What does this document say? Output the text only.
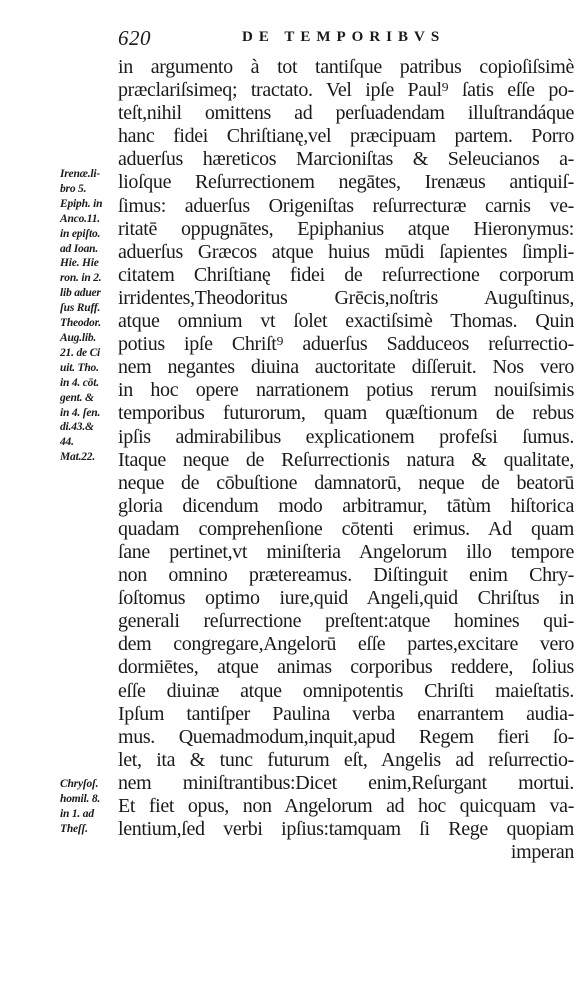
620	DE TEMPORIBVS
in argumento à tot tantiſque patribus copioſiſsimè
præclariſsimeq; tractato. Vel ipſe Paul⁹ ſatis eſſe po-
teſt,nihil omittens ad perſuadendam illuſtrandáque
hanc fidei Chriſtianę,vel præcipuam partem. Porro
aduerſus hæreticos Marcioniſtas & Seleucianos a-
lioſque Reſurrectionem negātes, Irenæus antiquiſ-
ſimus: aduerſus Origeniſtas reſurrecturæ carnis ve-
ritatē oppugnātes, Epiphanius atque Hieronymus:
aduerſus Græcos atque huius mūdi ſapientes ſimpli-
citatem Chriſtianę fidei de reſurrectione corporum
irridentes,Theodoritus Grēcis,noſtris Auguſtinus,
atque omnium vt ſolet exactiſsimè Thomas. Quin
potius ipſe Chriſt⁹ aduerſus Sadduceos reſurrectio-
nem negantes diuina auctoritate diſſeruit. Nos vero
in hoc opere narrationem potius rerum nouiſsimis
temporibus futurorum, quam quæſtionum de rebus
ipſis admirabilibus explicationem profeſsi ſumus.
Itaque neque de Reſurrectionis natura & qualitate,
neque de cōbuſtione damnatorū, neque de beatorū
gloria dicendum modo arbitramur, tātùm hiſtorica
quadam comprehenſione cōtenti erimus. Ad quam
ſane pertinet,vt miniſteria Angelorum illo tempore
non omnino prætereamus. Diſtinguit enim Chry-
ſoſtomus optimo iure,quid Angeli,quid Chriſtus in
generali reſurrectione preſtent:atque homines qui-
dem congregare,Angelorū eſſe partes,excitare vero
dormiētes, atque animas corporibus reddere, ſolius
eſſe diuinæ atque omnipotentis Chriſti maieſtatis.
Ipſum tantiſper Paulina verba enarrantem audia-
mus. Quemadmodum,inquit,apud Regem fieri ſo-
let, ita & tunc futurum eſt, Angelis ad reſurrectio-
nem miniſtrantibus:Dicet enim,Reſurgant mortui.
Et fiet opus, non Angelorum ad hoc quicquam va-
lentium,ſed verbi ipſius:tamquam ſi Rege quopiam
imperan
Irenæ.li-
bro 5.
Epiph. in
Anco.11.
in epiſto.
ad Ioan.
Hie. Hie
ron. in 2.
lib aduer
ſus Ruff.
Theodor.
Aug.lib.
21. de Ci
uit. Tho.
in 4. cōt.
gent. &
in 4. ſen.
di.43.&
44.
Mat.22.
Chryſoſ.
homil. 8.
in 1. ad
Theſſ.
